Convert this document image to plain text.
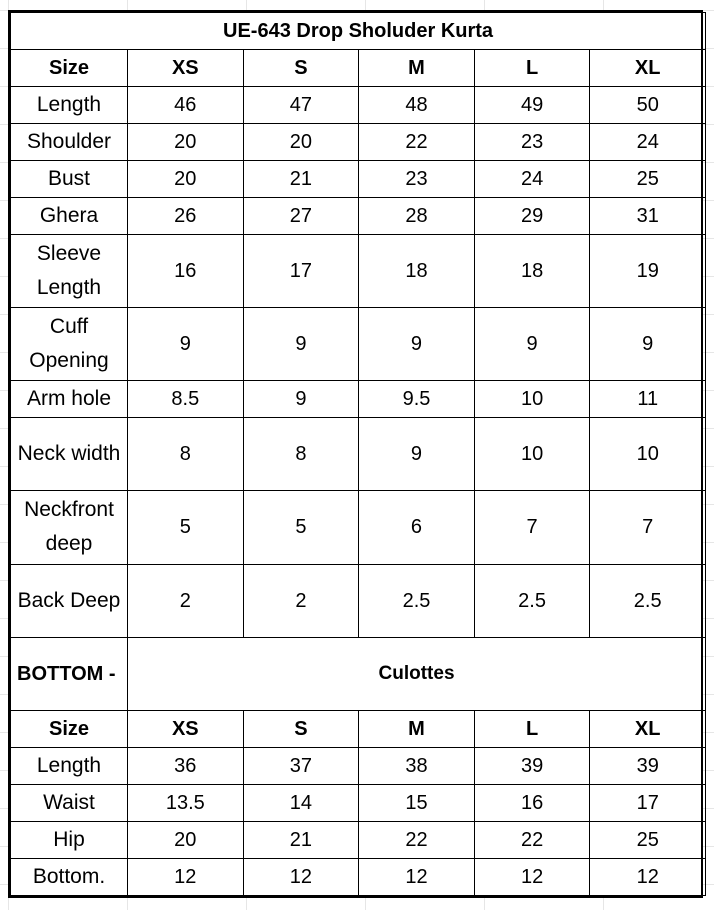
UE-643 Drop Sholuder Kurta					
Size	XS	S	M	L	XL
Length	46	47	48	49	50
Shoulder	20	20	22	23	24
Bust	20	21	23	24	25
Ghera	26	27	28	29	31
Sleeve Length	16	17	18	18	19
Cuff Opening	9	9	9	9	9
Arm hole	8.5	9	9.5	10	11
Neck width	8	8	9	10	10
Neckfront deep	5	5	6	7	7
Back Deep	2	2	2.5	2.5	2.5
BOTTOM -	Culottes				
Size	XS	S	M	L	XL
Length	36	37	38	39	39
Waist	13.5	14	15	16	17
Hip	20	21	22	22	25
Bottom.	12	12	12	12	12
